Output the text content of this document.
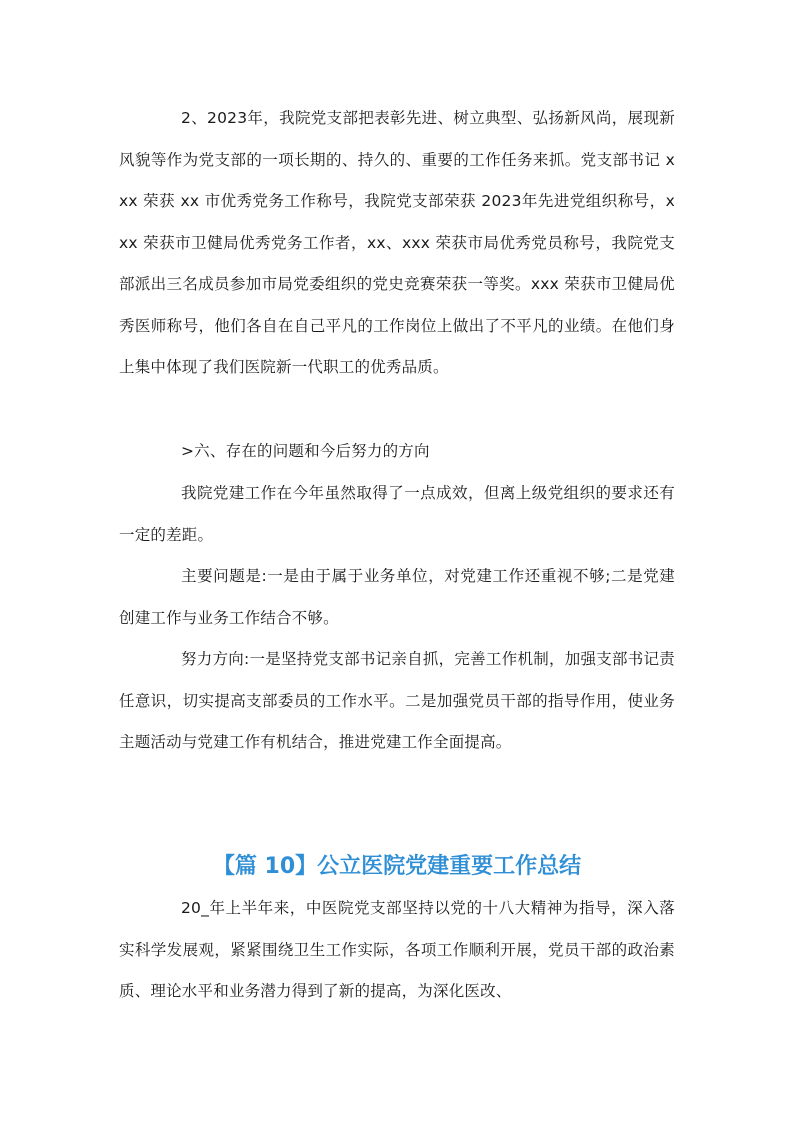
2、2023年，我院党支部把表彰先进、树立典型、弘扬新风尚，展现新风貌等作为党支部的一项长期的、持久的、重要的工作任务来抓。党支部书记 xxx 荣获 xx 市优秀党务工作称号，我院党支部荣获 2023年先进党组织称号，xxx 荣获市卫健局优秀党务工作者，xx、xxx 荣获市局优秀党员称号，我院党支部派出三名成员参加市局党委组织的党史竞赛荣获一等奖。xxx 荣获市卫健局优秀医师称号，他们各自在自己平凡的工作岗位上做出了不平凡的业绩。在他们身上集中体现了我们医院新一代职工的优秀品质。

>六、存在的问题和今后努力的方向

我院党建工作在今年虽然取得了一点成效，但离上级党组织的要求还有一定的差距。

主要问题是:一是由于属于业务单位，对党建工作还重视不够;二是党建创建工作与业务工作结合不够。

努力方向:一是坚持党支部书记亲自抓，完善工作机制，加强支部书记责任意识，切实提高支部委员的工作水平。二是加强党员干部的指导作用，使业务主题活动与党建工作有机结合，推进党建工作全面提高。

【篇 10】公立医院党建重要工作总结

20_年上半年来，中医院党支部坚持以党的十八大精神为指导，深入落实科学发展观，紧紧围绕卫生工作实际，各项工作顺利开展，党员干部的政治素质、理论水平和业务潜力得到了新的提高，为深化医改、
